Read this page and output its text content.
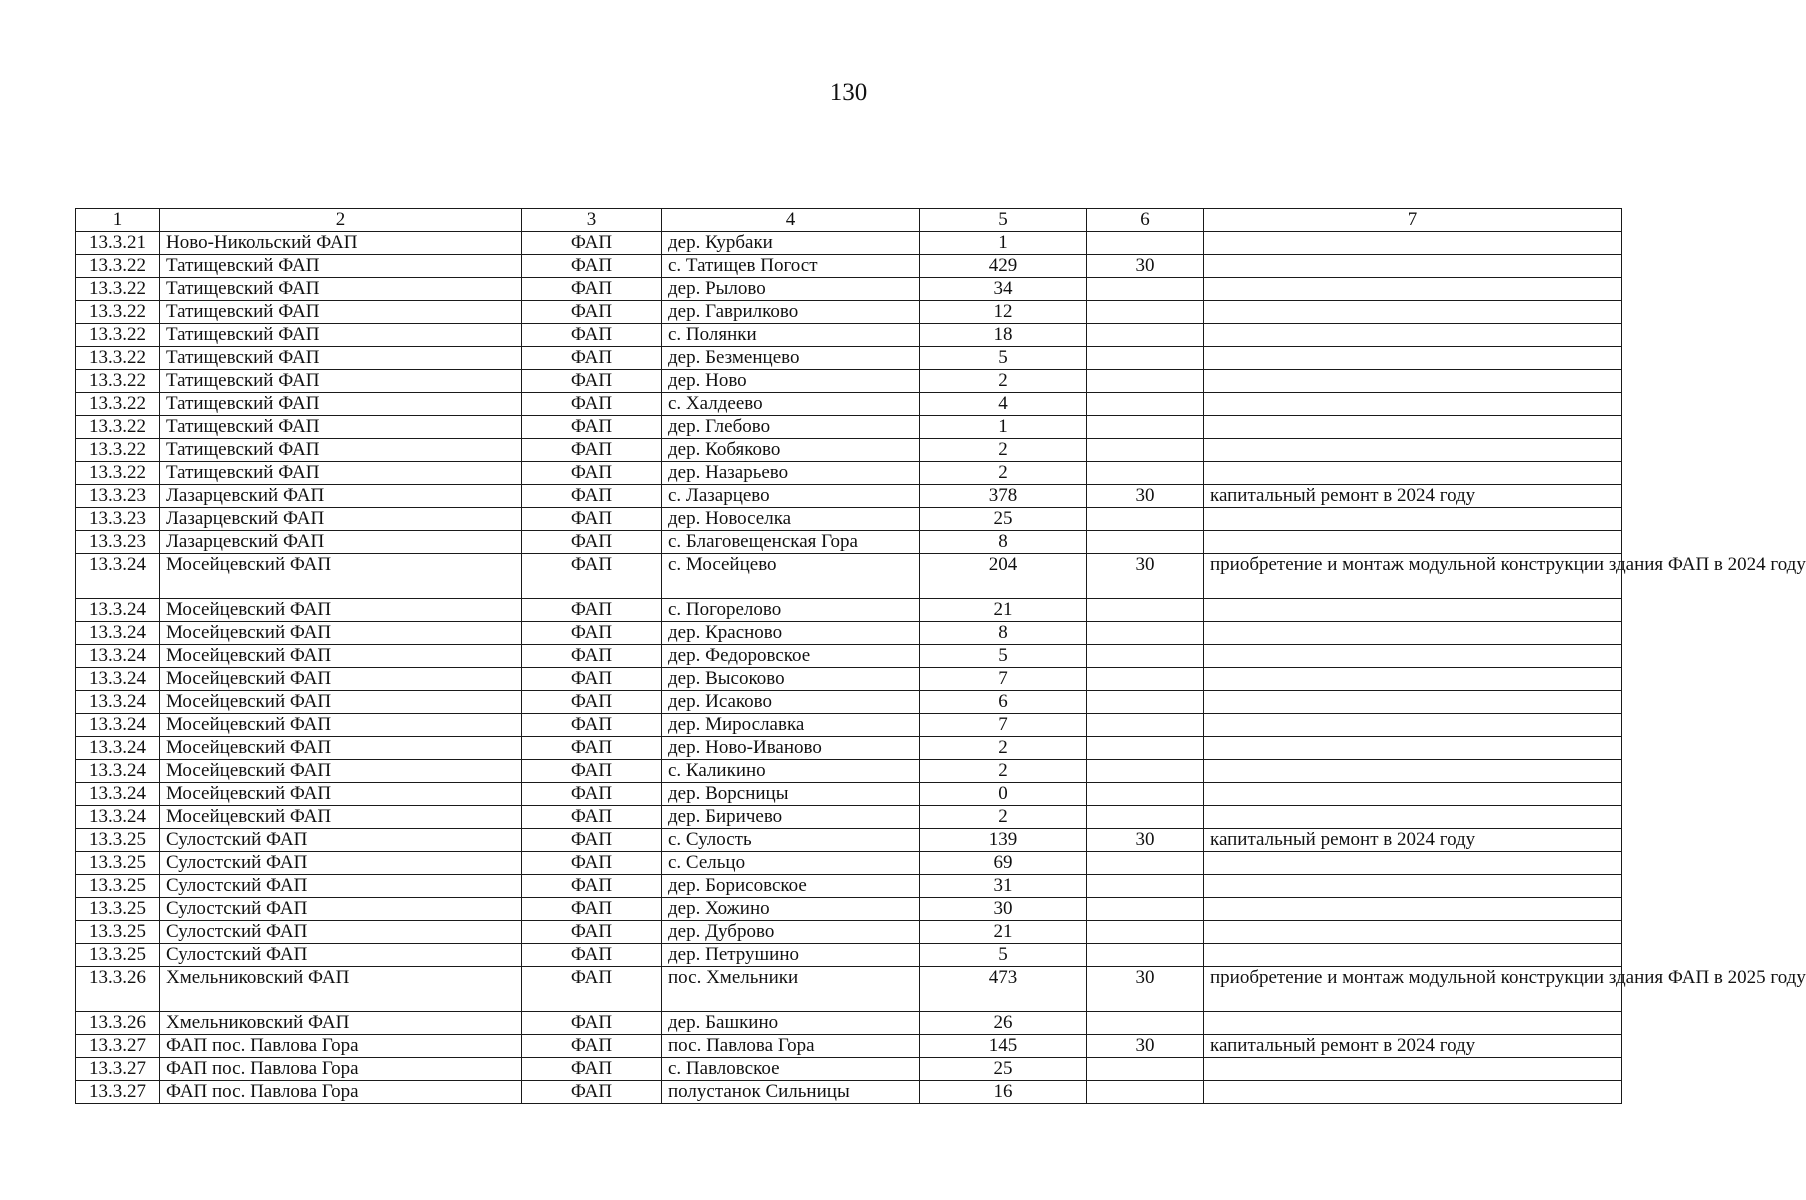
130
1	2	3	4	5	6	7
13.3.21	Ново-Никольский ФАП	ФАП	дер. Курбаки	1		
13.3.22	Татищевский ФАП	ФАП	с. Татищев Погост	429	30	
13.3.22	Татищевский ФАП	ФАП	дер. Рылово	34		
13.3.22	Татищевский ФАП	ФАП	дер. Гаврилково	12		
13.3.22	Татищевский ФАП	ФАП	с. Полянки	18		
13.3.22	Татищевский ФАП	ФАП	дер. Безменцево	5		
13.3.22	Татищевский ФАП	ФАП	дер. Ново	2		
13.3.22	Татищевский ФАП	ФАП	с. Халдеево	4		
13.3.22	Татищевский ФАП	ФАП	дер. Глебово	1		
13.3.22	Татищевский ФАП	ФАП	дер. Кобяково	2		
13.3.22	Татищевский ФАП	ФАП	дер. Назарьево	2		
13.3.23	Лазарцевский ФАП	ФАП	с. Лазарцево	378	30	капитальный ремонт в 2024 году
13.3.23	Лазарцевский ФАП	ФАП	дер. Новоселка	25		
13.3.23	Лазарцевский ФАП	ФАП	с. Благовещенская Гора	8		
13.3.24	Мосейцевский ФАП	ФАП	с. Мосейцево	204	30	приобретение и монтаж модульной конструкции здания ФАП в 2024 году
13.3.24	Мосейцевский ФАП	ФАП	с. Погорелово	21		
13.3.24	Мосейцевский ФАП	ФАП	дер. Красново	8		
13.3.24	Мосейцевский ФАП	ФАП	дер. Федоровское	5		
13.3.24	Мосейцевский ФАП	ФАП	дер. Высоково	7		
13.3.24	Мосейцевский ФАП	ФАП	дер. Исаково	6		
13.3.24	Мосейцевский ФАП	ФАП	дер. Мирославка	7		
13.3.24	Мосейцевский ФАП	ФАП	дер. Ново-Иваново	2		
13.3.24	Мосейцевский ФАП	ФАП	с. Каликино	2		
13.3.24	Мосейцевский ФАП	ФАП	дер. Ворсницы	0		
13.3.24	Мосейцевский ФАП	ФАП	дер. Биричево	2		
13.3.25	Сулостский ФАП	ФАП	с. Сулость	139	30	капитальный ремонт в 2024 году
13.3.25	Сулостский ФАП	ФАП	с. Сельцо	69		
13.3.25	Сулостский ФАП	ФАП	дер. Борисовское	31		
13.3.25	Сулостский ФАП	ФАП	дер. Хожино	30		
13.3.25	Сулостский ФАП	ФАП	дер. Дуброво	21		
13.3.25	Сулостский ФАП	ФАП	дер. Петрушино	5		
13.3.26	Хмельниковский ФАП	ФАП	пос. Хмельники	473	30	приобретение и монтаж модульной конструкции здания ФАП в 2025 году
13.3.26	Хмельниковский ФАП	ФАП	дер. Башкино	26		
13.3.27	ФАП пос. Павлова Гора	ФАП	пос. Павлова Гора	145	30	капитальный ремонт в 2024 году
13.3.27	ФАП пос. Павлова Гора	ФАП	с. Павловское	25		
13.3.27	ФАП пос. Павлова Гора	ФАП	полустанок Сильницы	16		
